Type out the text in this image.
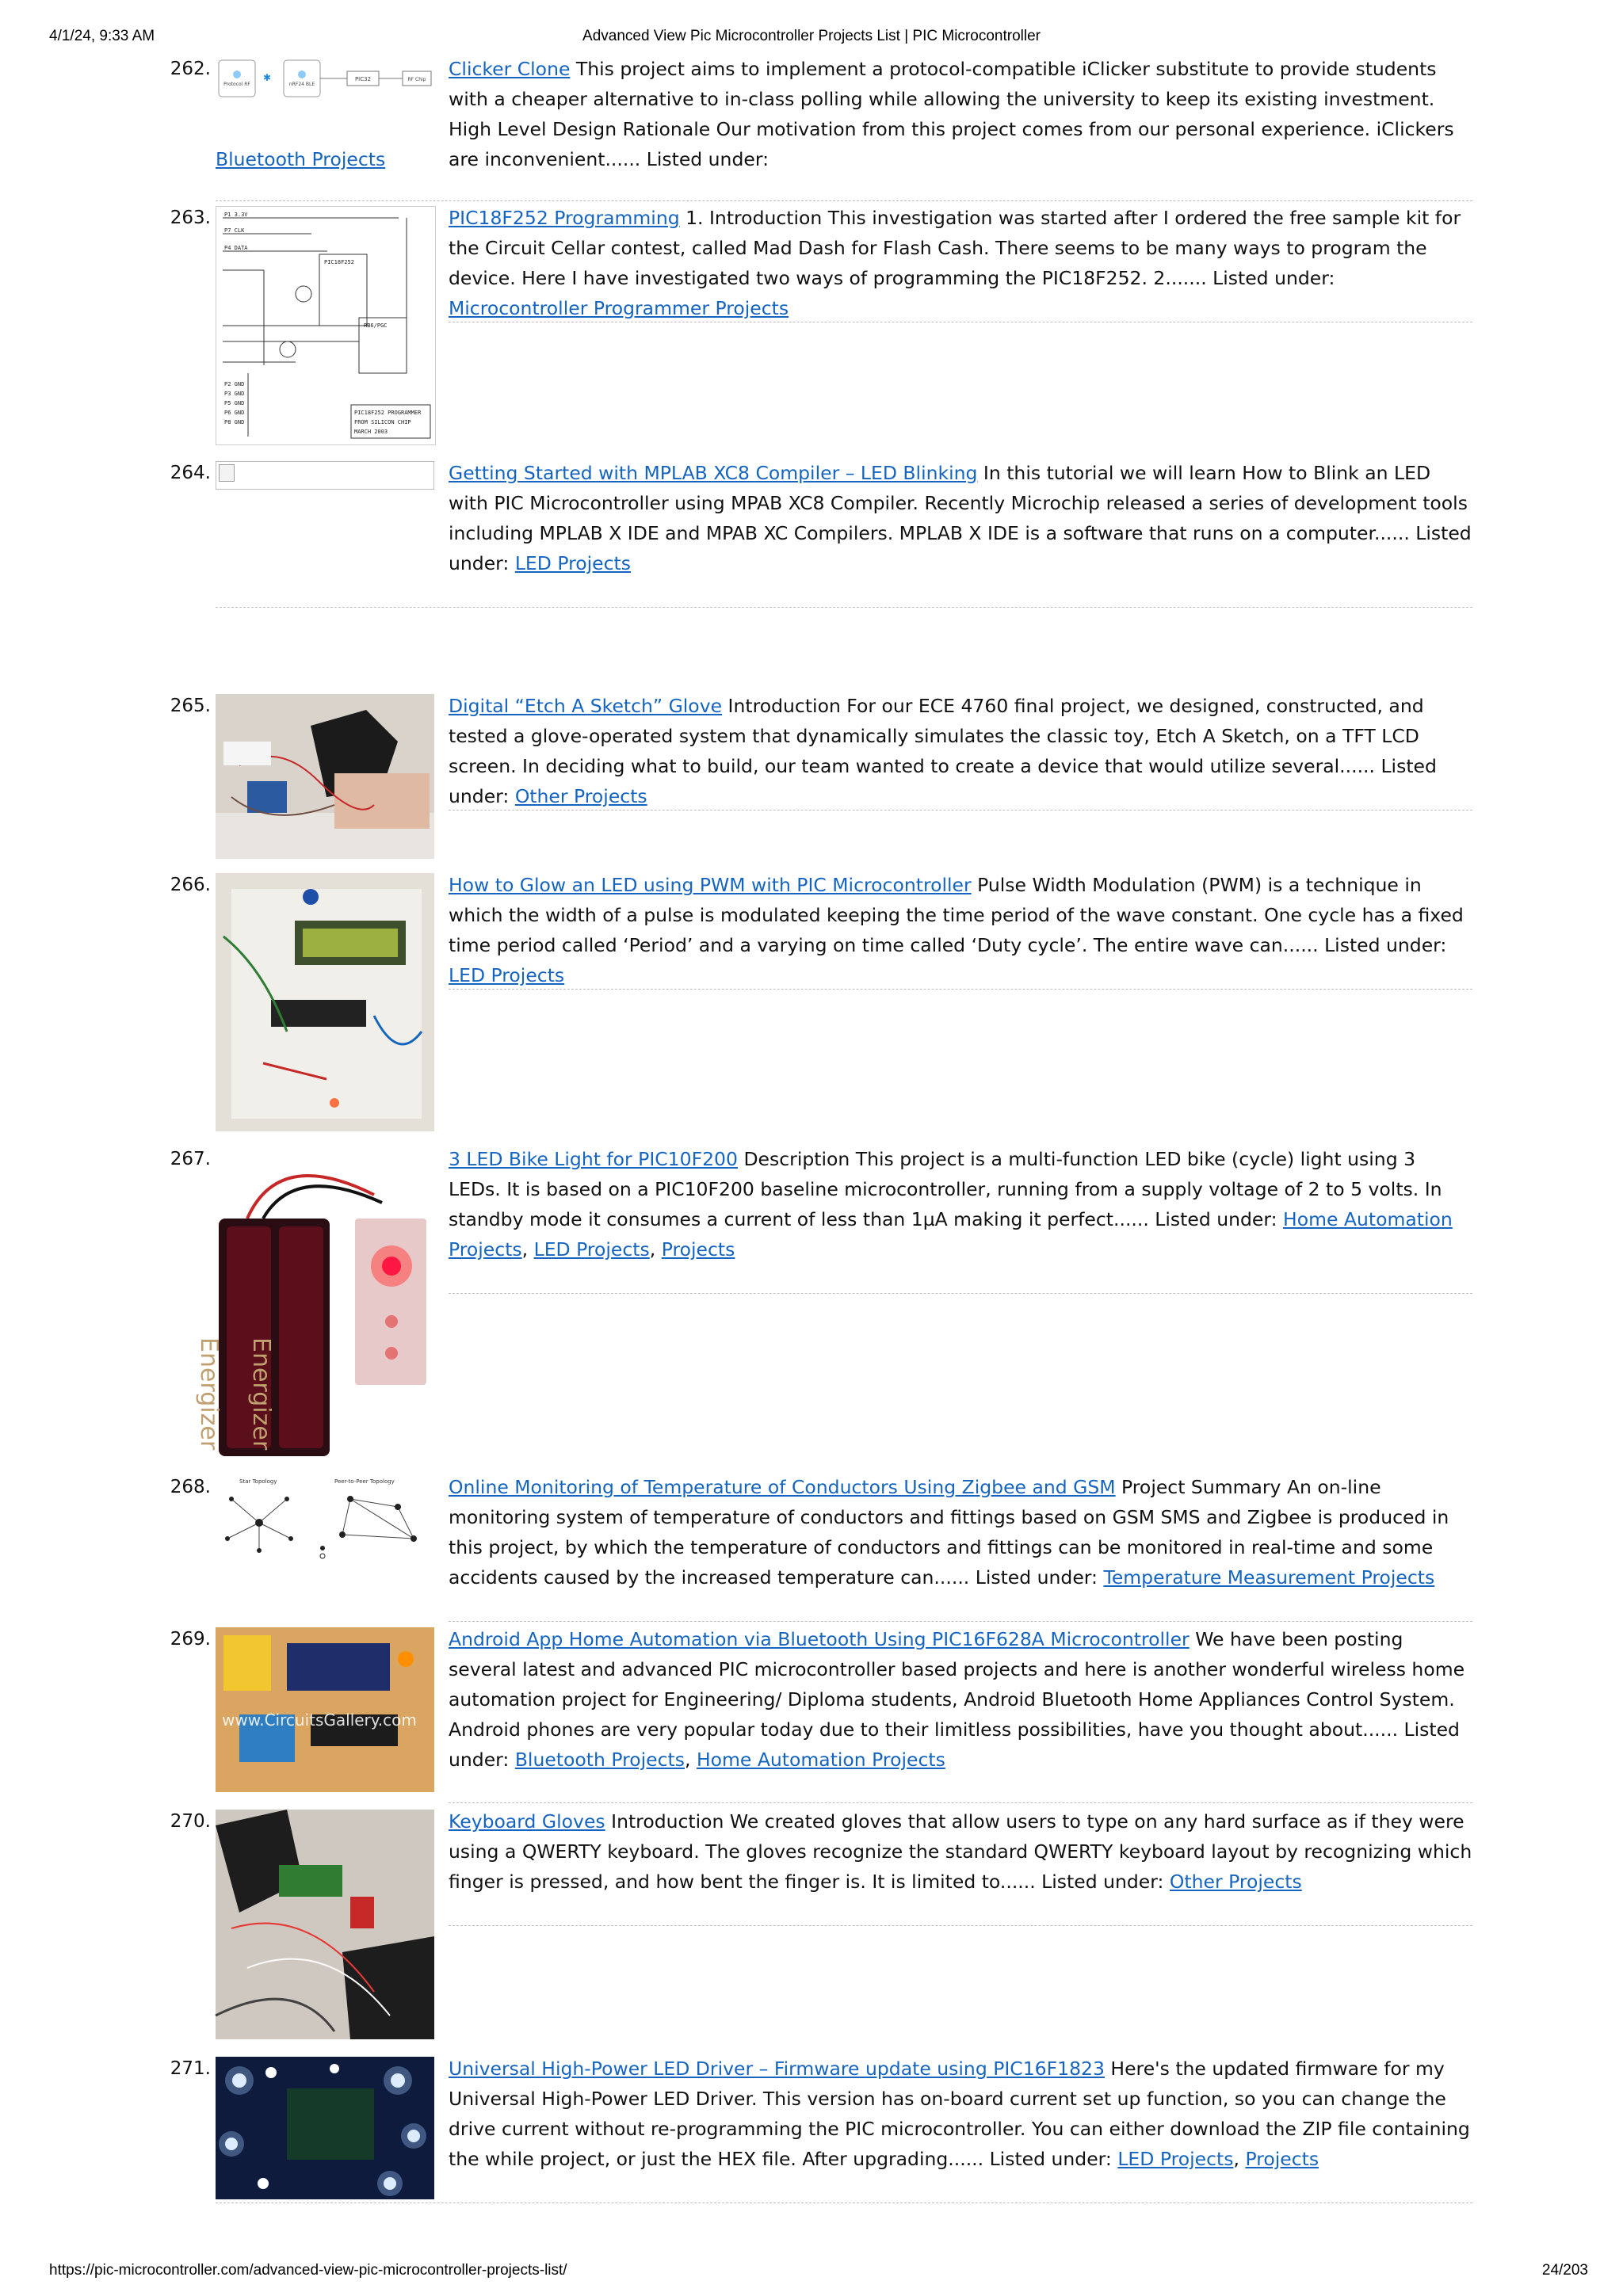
4/1/24, 9:33 AM	Advanced View Pic Microcontroller Projects List | PIC Microcontroller
262.
Protocol RF
✱
nRF24 BLE
PIC32	RF Chip Clicker Clone This project aims to implement a protocol-compatible iClicker substitute to provide students with a cheaper alternative to in-class polling while allowing the university to keep its existing investment. High Level Design Rationale Our motivation from this project comes from our personal experience. iClickers are inconvenient...... Listed under:
Bluetooth Projects
263. P1 3.3V
P7 CLK
P4 DATA
PIC18F252
RB6/PGC
P2 GND
P3 GND
P5 GND
P6 GND
P8 GND
PIC18F252 PROGRAMMER
FROM SILICON CHIP
MARCH 2003
PIC18F252 Programming 1. Introduction This investigation was started after I ordered the free sample kit for the Circuit Cellar contest, called Mad Dash for Flash Cash. There seems to be many ways to program the device. Here I have investigated two ways of programming the PIC18F252. 2....... Listed under: Microcontroller Programmer Projects
264.	Getting Started with MPLAB XC8 Compiler – LED Blinking In this tutorial we will learn How to Blink an LED with PIC Microcontroller using MPAB XC8 Compiler. Recently Microchip released a series of development tools including MPLAB X IDE and MPAB XC Compilers. MPLAB X IDE is a software that runs on a computer...... Listed under: LED Projects
265.	Digital “Etch A Sketch” Glove Introduction For our ECE 4760 final project, we designed, constructed, and tested a glove-operated system that dynamically simulates the classic toy, Etch A Sketch, on a TFT LCD screen. In deciding what to build, our team wanted to create a device that would utilize several...... Listed under: Other Projects
266.	How to Glow an LED using PWM with PIC Microcontroller Pulse Width Modulation (PWM) is a technique in which the width of a pulse is modulated keeping the time period of the wave constant. One cycle has a fixed time period called ‘Period’ and a varying on time called ‘Duty cycle’. The entire wave can...... Listed under: LED Projects
267.
Energizer Energizer
3 LED Bike Light for PIC10F200 Description This project is a multi-function LED bike (cycle) light using 3 LEDs. It is based on a PIC10F200 baseline microcontroller, running from a supply voltage of 2 to 5 volts. In standby mode it consumes a current of less than 1µA making it perfect...... Listed under: Home Automation Projects, LED Projects, Projects
268.	Star Topology	Peer-to-Peer Topology	Online Monitoring of Temperature of Conductors Using Zigbee and GSM Project Summary An on-line monitoring system of temperature of conductors and fittings based on GSM SMS and Zigbee is produced in this project, by which the temperature of conductors and fittings can be monitored in real-time and some accidents caused by the increased temperature can...... Listed under: Temperature Measurement Projects
269.
www.CircuitsGallery.com
Android App Home Automation via Bluetooth Using PIC16F628A Microcontroller We have been posting several latest and advanced PIC microcontroller based projects and here is another wonderful wireless home automation project for Engineering/ Diploma students, Android Bluetooth Home Appliances Control System. Android phones are very popular today due to their limitless possibilities, have you thought about...... Listed under: Bluetooth Projects, Home Automation Projects
270.	Keyboard Gloves Introduction We created gloves that allow users to type on any hard surface as if they were using a QWERTY keyboard. The gloves recognize the standard QWERTY keyboard layout by recognizing which finger is pressed, and how bent the finger is. It is limited to...... Listed under: Other Projects
271.	Universal High-Power LED Driver – Firmware update using PIC16F1823 Here's the updated firmware for my Universal High-Power LED Driver. This version has on-board current set up function, so you can change the drive current without re-programming the PIC microcontroller. You can either download the ZIP file containing the while project, or just the HEX file. After upgrading...... Listed under: LED Projects, Projects
https://pic-microcontroller.com/advanced-view-pic-microcontroller-projects-list/	24/203
